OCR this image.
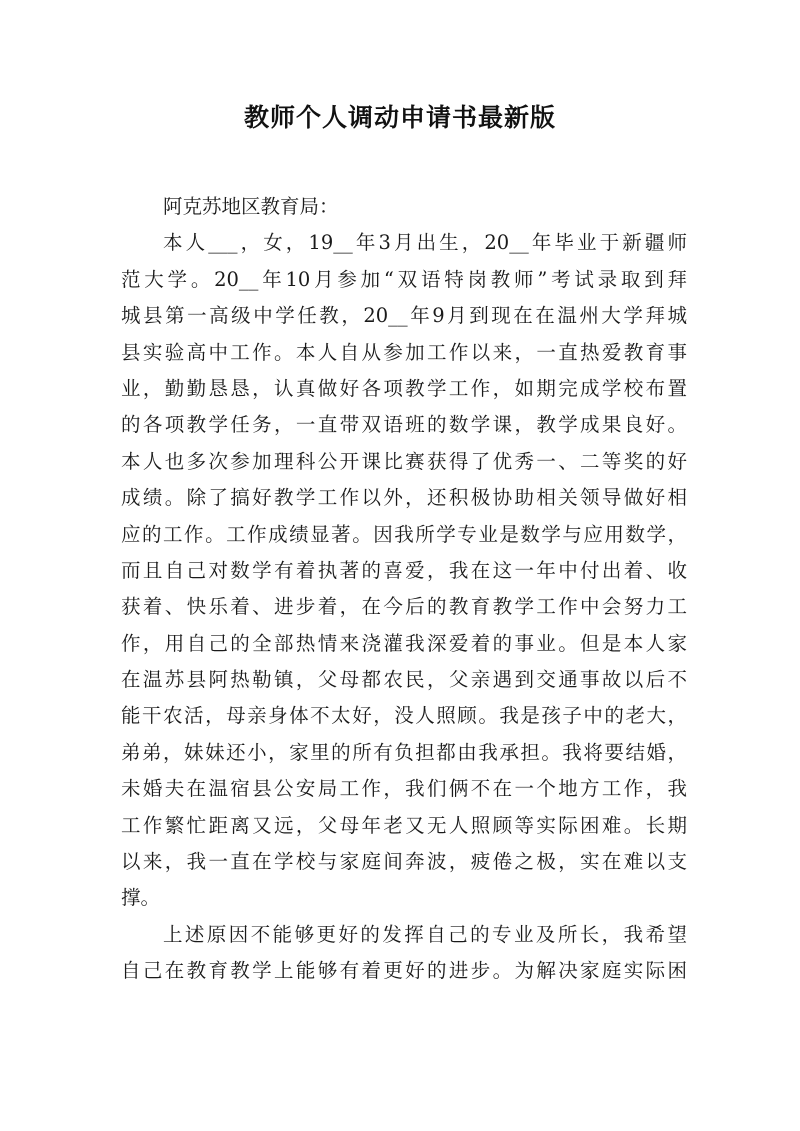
教师个人调动申请书最新版
阿克苏地区教育局：
本人___，女，19__年3月出生，20__年毕业于新疆师
范大学。20__年10月参加“双语特岗教师”考试录取到拜
城县第一高级中学任教，20__年9月到现在在温州大学拜城
县实验高中工作。本人自从参加工作以来，一直热爱教育事
业，勤勤恳恳，认真做好各项教学工作，如期完成学校布置
的各项教学任务，一直带双语班的数学课，教学成果良好。
本人也多次参加理科公开课比赛获得了优秀一、二等奖的好
成绩。除了搞好教学工作以外，还积极协助相关领导做好相
应的工作。工作成绩显著。因我所学专业是数学与应用数学，
而且自己对数学有着执著的喜爱，我在这一年中付出着、收
获着、快乐着、进步着，在今后的教育教学工作中会努力工
作，用自己的全部热情来浇灌我深爱着的事业。但是本人家
在温苏县阿热勒镇，父母都农民，父亲遇到交通事故以后不
能干农活，母亲身体不太好，没人照顾。我是孩子中的老大，
弟弟，妹妹还小，家里的所有负担都由我承担。我将要结婚，
未婚夫在温宿县公安局工作，我们俩不在一个地方工作，我
工作繁忙距离又远，父母年老又无人照顾等实际困难。长期
以来，我一直在学校与家庭间奔波，疲倦之极，实在难以支
撑。
上述原因不能够更好的发挥自己的专业及所长，我希望
自己在教育教学上能够有着更好的进步。为解决家庭实际困
